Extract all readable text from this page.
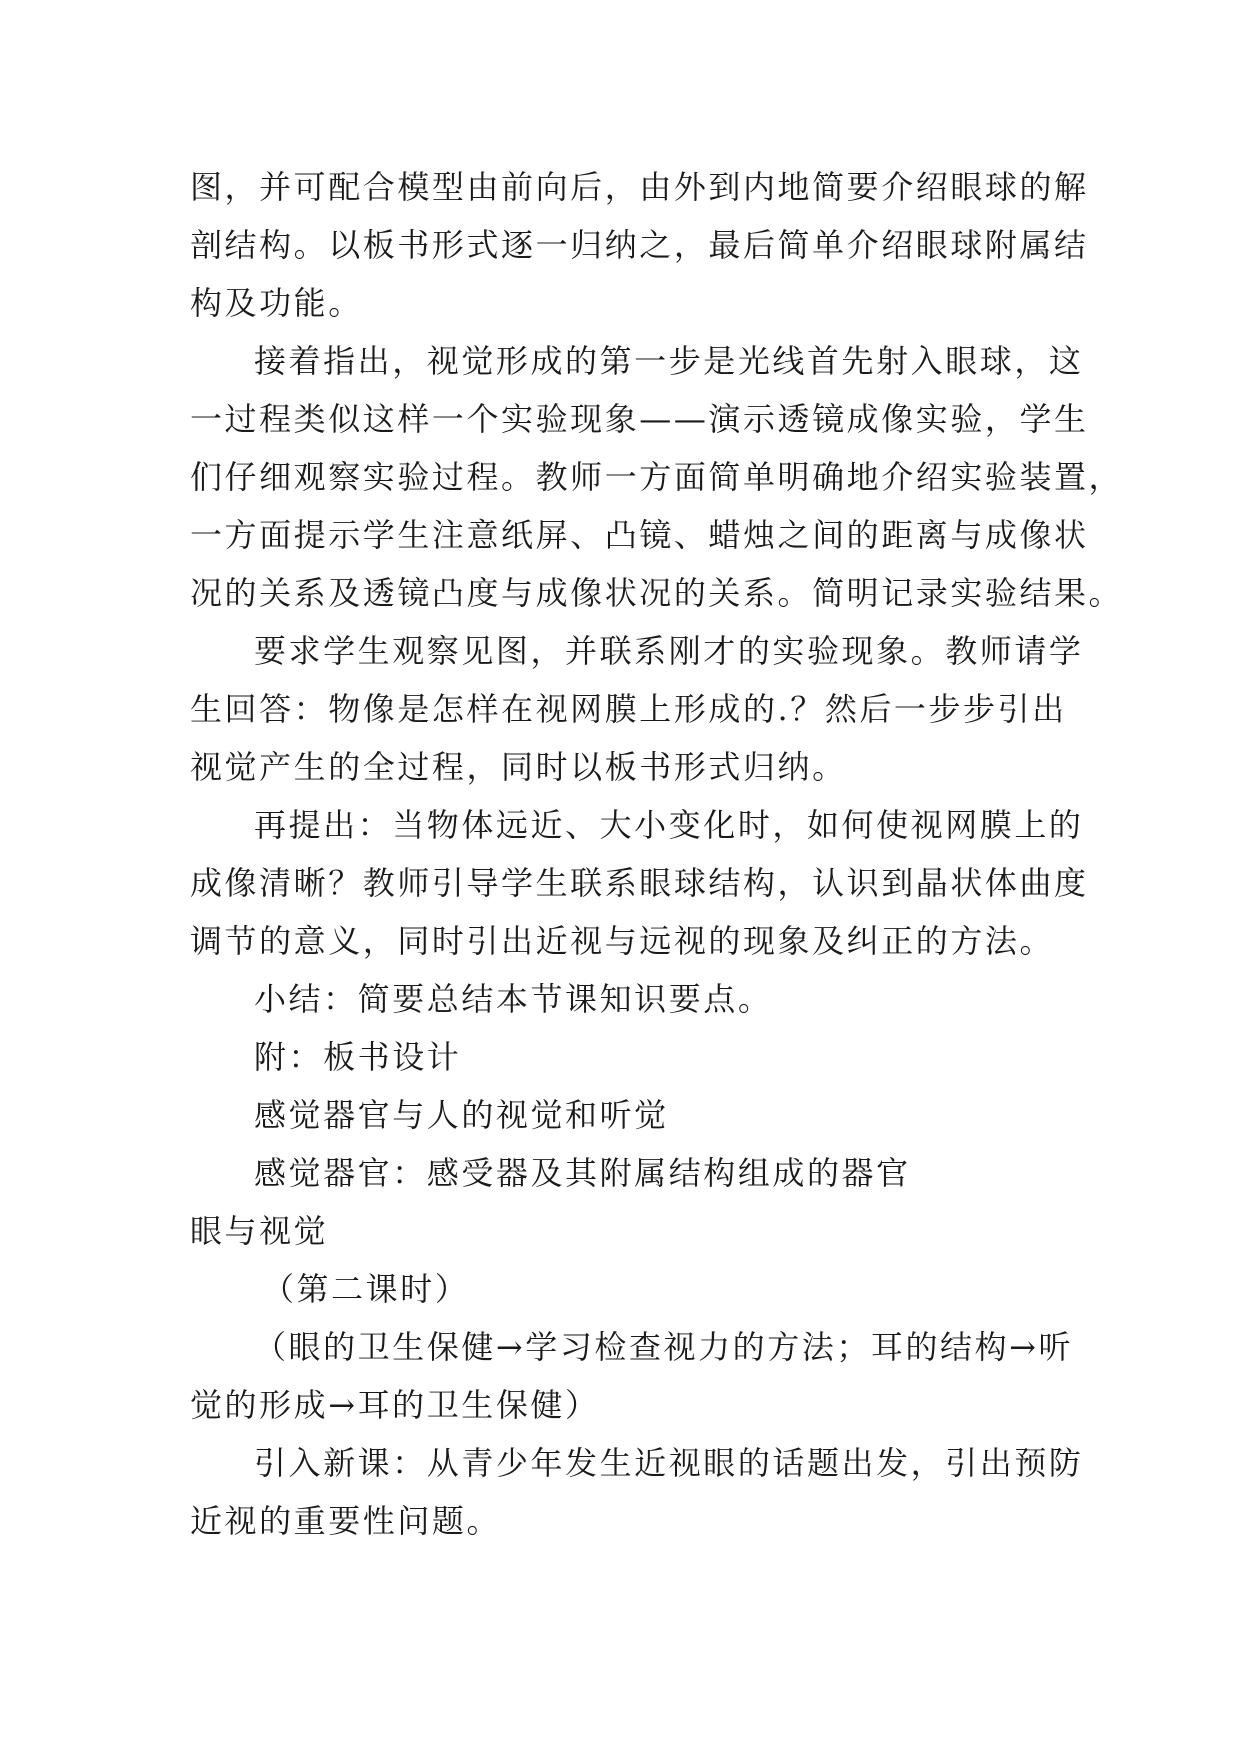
图，并可配合模型由前向后，由外到内地简要介绍眼球的解
剖结构。以板书形式逐一归纳之，最后简单介绍眼球附属结
构及功能。
接着指出，视觉形成的第一步是光线首先射入眼球，这
一过程类似这样一个实验现象——演示透镜成像实验，学生
们仔细观察实验过程。教师一方面简单明确地介绍实验装置，
一方面提示学生注意纸屏、凸镜、蜡烛之间的距离与成像状
况的关系及透镜凸度与成像状况的关系。简明记录实验结果。
要求学生观察见图，并联系刚才的实验现象。教师请学
生回答：物像是怎样在视网膜上形成的.？然后一步步引出
视觉产生的全过程，同时以板书形式归纳。
再提出：当物体远近、大小变化时，如何使视网膜上的
成像清晰？教师引导学生联系眼球结构，认识到晶状体曲度
调节的意义，同时引出近视与远视的现象及纠正的方法。
小结：简要总结本节课知识要点。
附：板书设计
感觉器官与人的视觉和听觉
感觉器官：感受器及其附属结构组成的器官
眼与视觉
（第二课时）
（眼的卫生保健→学习检查视力的方法；耳的结构→听
觉的形成→耳的卫生保健）
引入新课：从青少年发生近视眼的话题出发，引出预防
近视的重要性问题。
